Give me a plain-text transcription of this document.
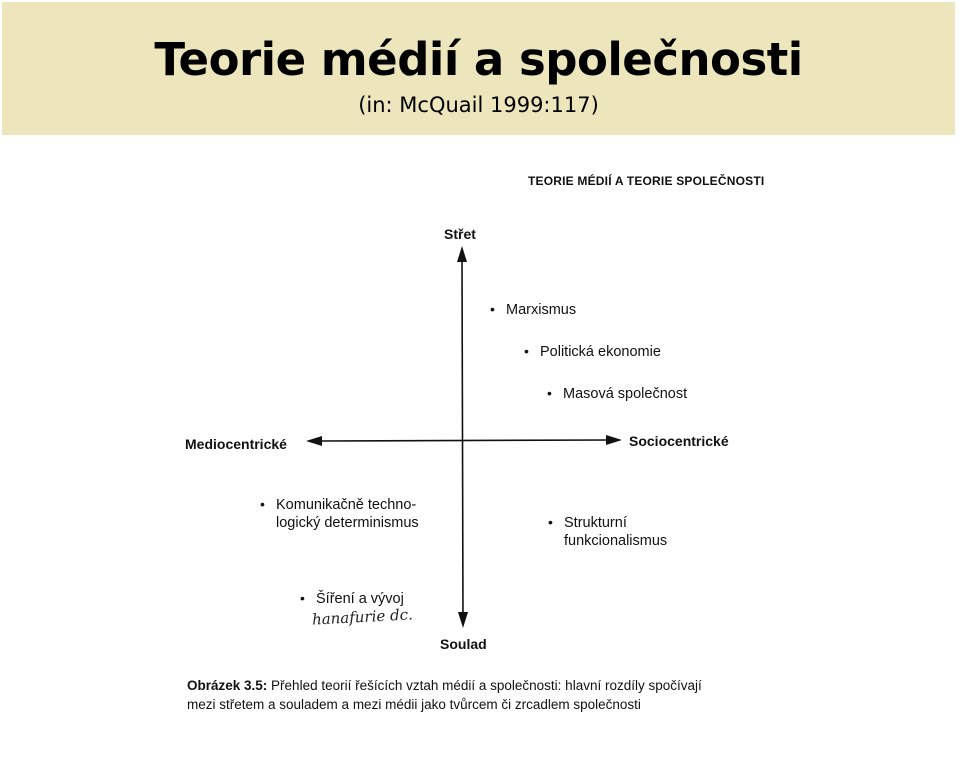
Teorie médií a společnosti
(in: McQuail 1999:117)
TEORIE MÉDIÍ A TEORIE SPOLEČNOSTI
Střet
Soulad
Mediocentrické	Sociocentrické
• Marxismus
• Politická ekonomie
• Masová společnost
• Komunikačně techno-
logický determinismus	• Strukturní
funkcionalismus
• Šíření a vývoj
hanafurie dc.
Obrázek 3.5: Přehled teorií řešících vztah médií a společnosti: hlavní rozdíly spočívají
mezi střetem a souladem a mezi médii jako tvůrcem či zrcadlem společnosti
